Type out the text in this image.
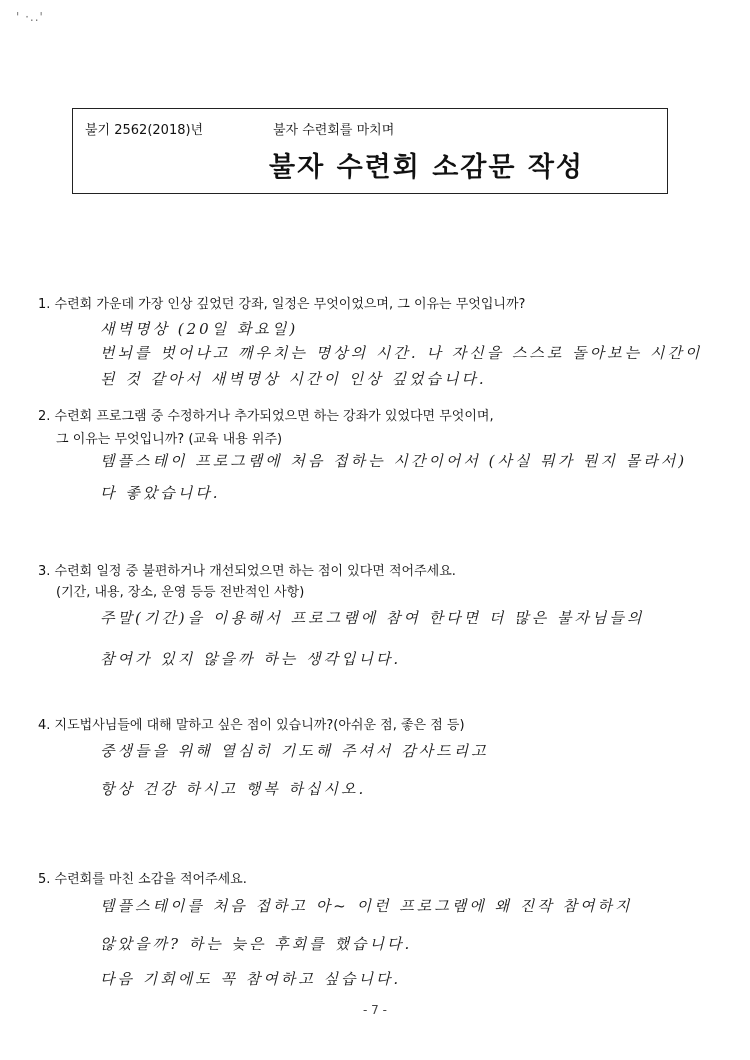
' ·..'
불기 2562(2018)년	불자 수련회를 마치며
불자 수련회 소감문 작성
1. 수련회 가운데 가장 인상 깊었던 강좌, 일정은 무엇이었으며, 그 이유는 무엇입니까?
새벽명상 (20일 화요일)
번뇌를 벗어나고 깨우치는 명상의 시간. 나 자신을 스스로 돌아보는 시간이
된 것 같아서 새벽명상 시간이 인상 깊었습니다.
2. 수련회 프로그램 중 수정하거나 추가되었으면 하는 강좌가 있었다면 무엇이며,
그 이유는 무엇입니까? (교육 내용 위주)
템플스테이 프로그램에 처음 접하는 시간이어서 (사실 뭐가 뭔지 몰라서)
다 좋았습니다.
3. 수련회 일정 중 불편하거나 개선되었으면 하는 점이 있다면 적어주세요.
(기간, 내용, 장소, 운영 등등 전반적인 사항)
주말(기간)을 이용해서 프로그램에 참여 한다면 더 많은 불자님들의
참여가 있지 않을까 하는 생각입니다.
4. 지도법사님들에 대해 말하고 싶은 점이 있습니까?(아쉬운 점, 좋은 점 등)
중생들을 위해 열심히 기도해 주셔서 감사드리고
항상 건강 하시고 행복 하십시오.
5. 수련회를 마친 소감을 적어주세요.
템플스테이를 처음 접하고 아~ 이런 프로그램에 왜 진작 참여하지
않았을까? 하는 늦은 후회를 했습니다.
다음 기회에도 꼭 참여하고 싶습니다.
- 7 -
